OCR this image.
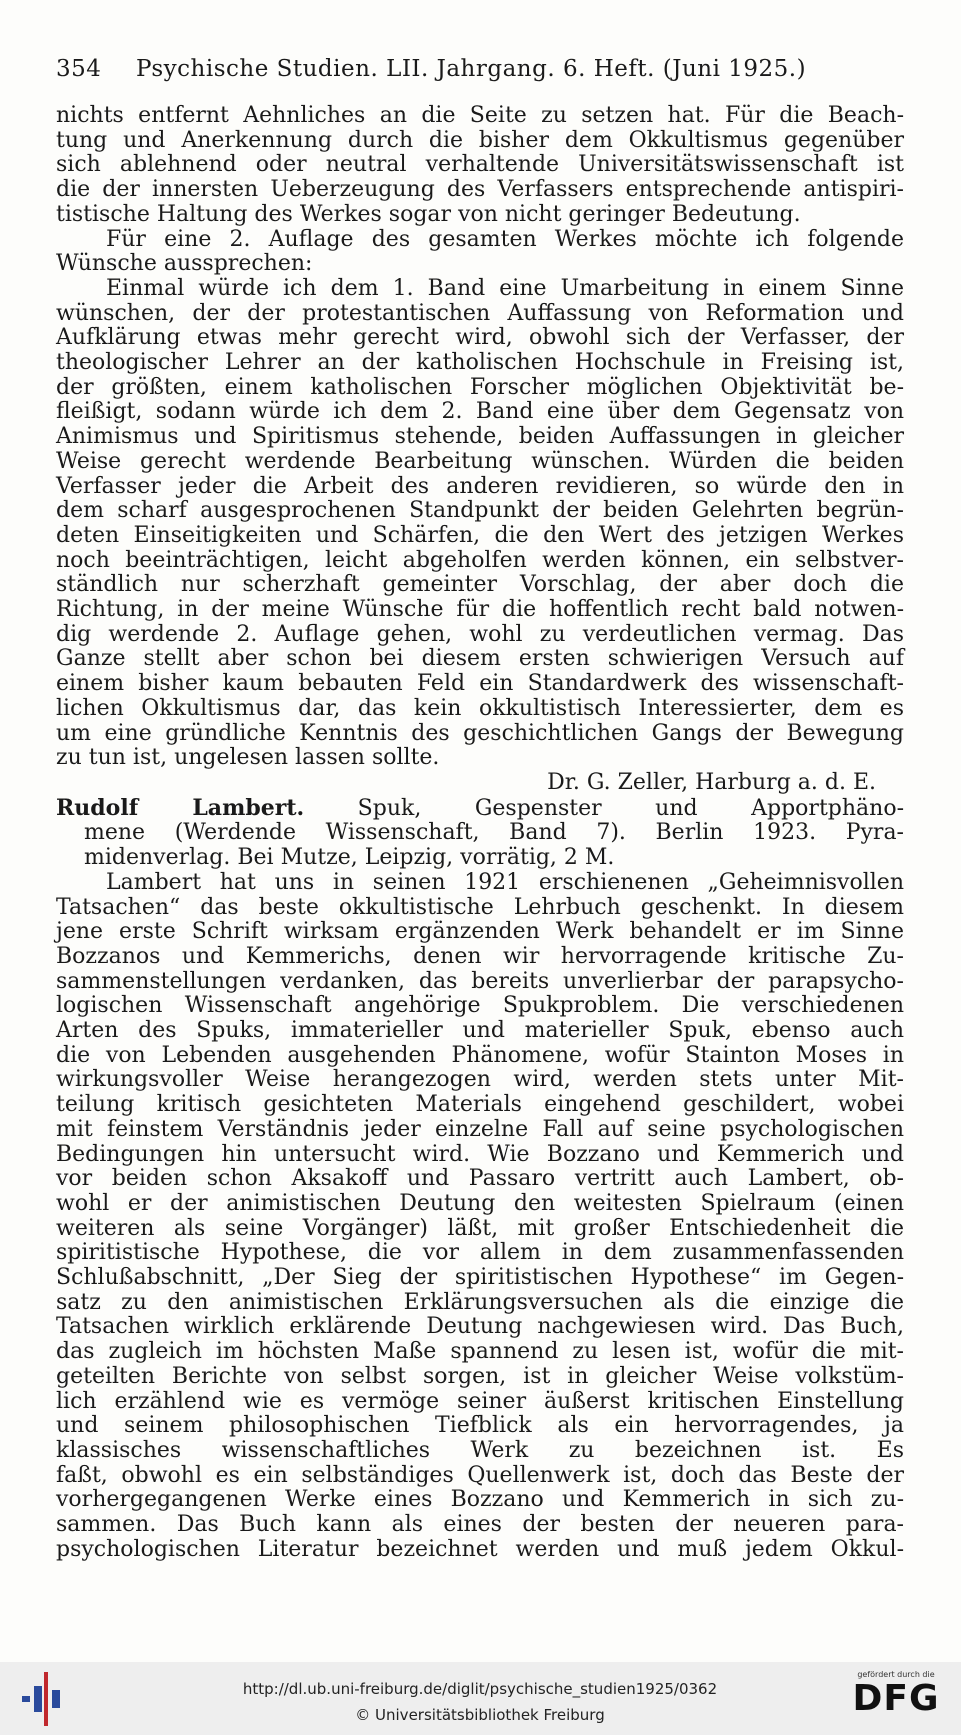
354 Psychische Studien. LII. Jahrgang. 6. Heft. (Juni 1925.)
nichts entfernt Aehnliches an die Seite zu setzen hat. Für die Beach-
tung und Anerkennung durch die bisher dem Okkultismus gegenüber
sich ablehnend oder neutral verhaltende Universitätswissenschaft ist
die der innersten Ueberzeugung des Verfassers entsprechende antispiri-
tistische Haltung des Werkes sogar von nicht geringer Bedeutung.
Für eine 2. Auflage des gesamten Werkes möchte ich folgende
Wünsche aussprechen:
Einmal würde ich dem 1. Band eine Umarbeitung in einem Sinne
wünschen, der der protestantischen Auffassung von Reformation und
Aufklärung etwas mehr gerecht wird, obwohl sich der Verfasser, der
theologischer Lehrer an der katholischen Hochschule in Freising ist,
der größten, einem katholischen Forscher möglichen Objektivität be-
fleißigt, sodann würde ich dem 2. Band eine über dem Gegensatz von
Animismus und Spiritismus stehende, beiden Auffassungen in gleicher
Weise gerecht werdende Bearbeitung wünschen. Würden die beiden
Verfasser jeder die Arbeit des anderen revidieren, so würde den in
dem scharf ausgesprochenen Standpunkt der beiden Gelehrten begrün-
deten Einseitigkeiten und Schärfen, die den Wert des jetzigen Werkes
noch beeinträchtigen, leicht abgeholfen werden können, ein selbstver-
ständlich nur scherzhaft gemeinter Vorschlag, der aber doch die
Richtung, in der meine Wünsche für die hoffentlich recht bald notwen-
dig werdende 2. Auflage gehen, wohl zu verdeutlichen vermag. Das
Ganze stellt aber schon bei diesem ersten schwierigen Versuch auf
einem bisher kaum bebauten Feld ein Standardwerk des wissenschaft-
lichen Okkultismus dar, das kein okkultistisch Interessierter, dem es
um eine gründliche Kenntnis des geschichtlichen Gangs der Bewegung
zu tun ist, ungelesen lassen sollte.
Dr. G. Zeller, Harburg a. d. E.
Rudolf Lambert. Spuk, Gespenster und Apportphäno-
mene (Werdende Wissenschaft, Band 7). Berlin 1923. Pyra-
midenverlag. Bei Mutze, Leipzig, vorrätig, 2 M.
Lambert hat uns in seinen 1921 erschienenen „Geheimnisvollen
Tatsachen“ das beste okkultistische Lehrbuch geschenkt. In diesem
jene erste Schrift wirksam ergänzenden Werk behandelt er im Sinne
Bozzanos und Kemmerichs, denen wir hervorragende kritische Zu-
sammenstellungen verdanken, das bereits unverlierbar der parapsycho-
logischen Wissenschaft angehörige Spukproblem. Die verschiedenen
Arten des Spuks, immaterieller und materieller Spuk, ebenso auch
die von Lebenden ausgehenden Phänomene, wofür Stainton Moses in
wirkungsvoller Weise herangezogen wird, werden stets unter Mit-
teilung kritisch gesichteten Materials eingehend geschildert, wobei
mit feinstem Verständnis jeder einzelne Fall auf seine psychologischen
Bedingungen hin untersucht wird. Wie Bozzano und Kemmerich und
vor beiden schon Aksakoff und Passaro vertritt auch Lambert, ob-
wohl er der animistischen Deutung den weitesten Spielraum (einen
weiteren als seine Vorgänger) läßt, mit großer Entschiedenheit die
spiritistische Hypothese, die vor allem in dem zusammenfassenden
Schlußabschnitt, „Der Sieg der spiritistischen Hypothese“ im Gegen-
satz zu den animistischen Erklärungsversuchen als die einzige die
Tatsachen wirklich erklärende Deutung nachgewiesen wird. Das Buch,
das zugleich im höchsten Maße spannend zu lesen ist, wofür die mit-
geteilten Berichte von selbst sorgen, ist in gleicher Weise volkstüm-
lich erzählend wie es vermöge seiner äußerst kritischen Einstellung
und seinem philosophischen Tiefblick als ein hervorragendes, ja
klassisches wissenschaftliches Werk zu bezeichnen ist. Es
faßt, obwohl es ein selbständiges Quellenwerk ist, doch das Beste der
vorhergegangenen Werke eines Bozzano und Kemmerich in sich zu-
sammen. Das Buch kann als eines der besten der neueren para-
psychologischen Literatur bezeichnet werden und muß jedem Okkul-
http://dl.ub.uni-freiburg.de/diglit/psychische_studien1925/0362
© Universitätsbibliothek Freiburg
gefördert durch die
DFG
